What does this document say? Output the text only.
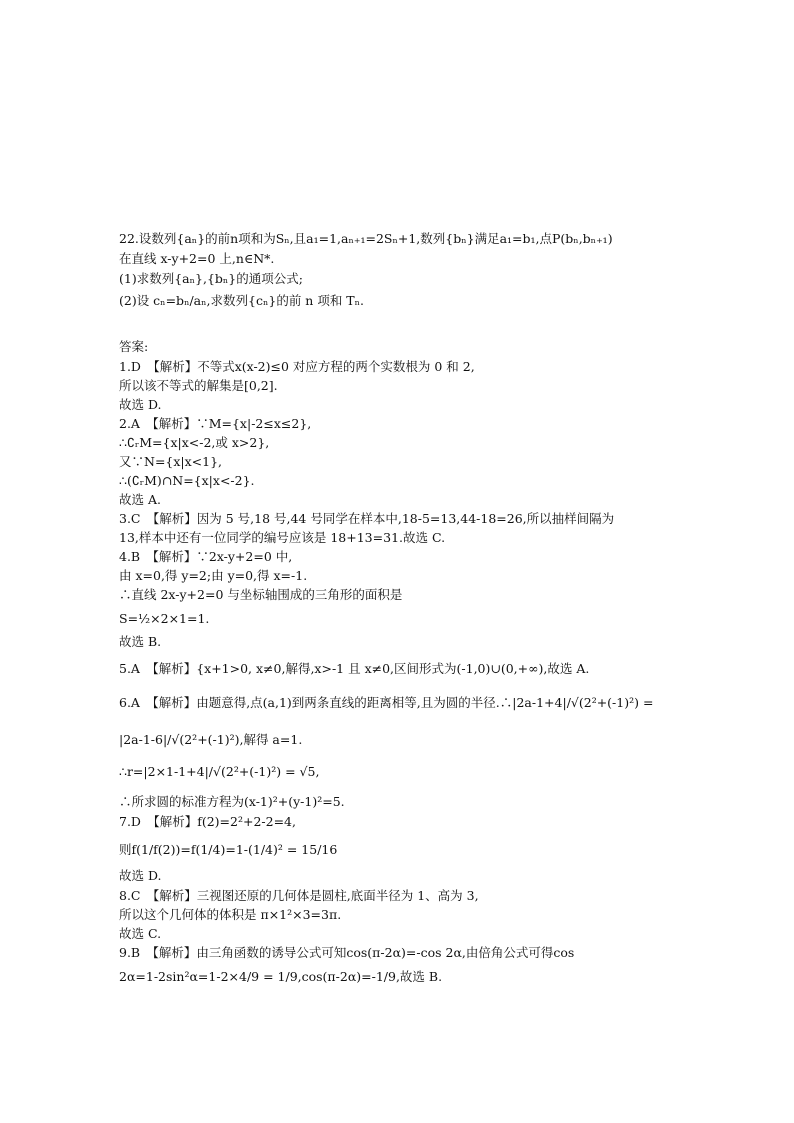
22.设数列{aₙ}的前n项和为Sₙ,且a₁=1,aₙ₊₁=2Sₙ+1,数列{bₙ}满足a₁=b₁,点P(bₙ,bₙ₊₁)
在直线 x-y+2=0 上,n∈N*.
(1)求数列{aₙ},{bₙ}的通项公式;
(2)设 cₙ=bₙ/aₙ,求数列{cₙ}的前 n 项和 Tₙ.
答案:
1.D　【解析】不等式x(x-2)≤0 对应方程的两个实数根为 0 和 2,
所以该不等式的解集是[0,2].
故选 D.
2.A　【解析】∵M={x|-2≤x≤2},
∴∁ᵣM={x|x<-2,或 x>2},
又∵N={x|x<1},
∴(∁ᵣM)∩N={x|x<-2}.
故选 A.
3.C　【解析】因为 5 号,18 号,44 号同学在样本中,18-5=13,44-18=26,所以抽样间隔为
13,样本中还有一位同学的编号应该是 18+13=31.故选 C.
4.B　【解析】∵2x-y+2=0 中,
由 x=0,得 y=2;由 y=0,得 x=-1.
∴直线 2x-y+2=0 与坐标轴围成的三角形的面积是
S=½×2×1=1.
故选 B.
5.A　【解析】{x+1>0, x≠0,解得,x>-1 且 x≠0,区间形式为(-1,0)∪(0,+∞),故选 A.
6.A　【解析】由题意得,点(a,1)到两条直线的距离相等,且为圆的半径.∴|2a-1+4|/√(2²+(-1)²) =
|2a-1-6|/√(2²+(-1)²),解得 a=1.
∴r=|2×1-1+4|/√(2²+(-1)²) = √5,
∴所求圆的标准方程为(x-1)²+(y-1)²=5.
7.D　【解析】f(2)=2²+2-2=4,
则f(1/f(2))=f(1/4)=1-(1/4)² = 15/16
故选 D.
8.C　【解析】三视图还原的几何体是圆柱,底面半径为 1、高为 3,
所以这个几何体的体积是 π×1²×3=3π.
故选 C.
9.B　【解析】由三角函数的诱导公式可知cos(π-2α)=-cos 2α,由倍角公式可得cos
2α=1-2sin²α=1-2×4/9 = 1/9,cos(π-2α)=-1/9,故选 B.
